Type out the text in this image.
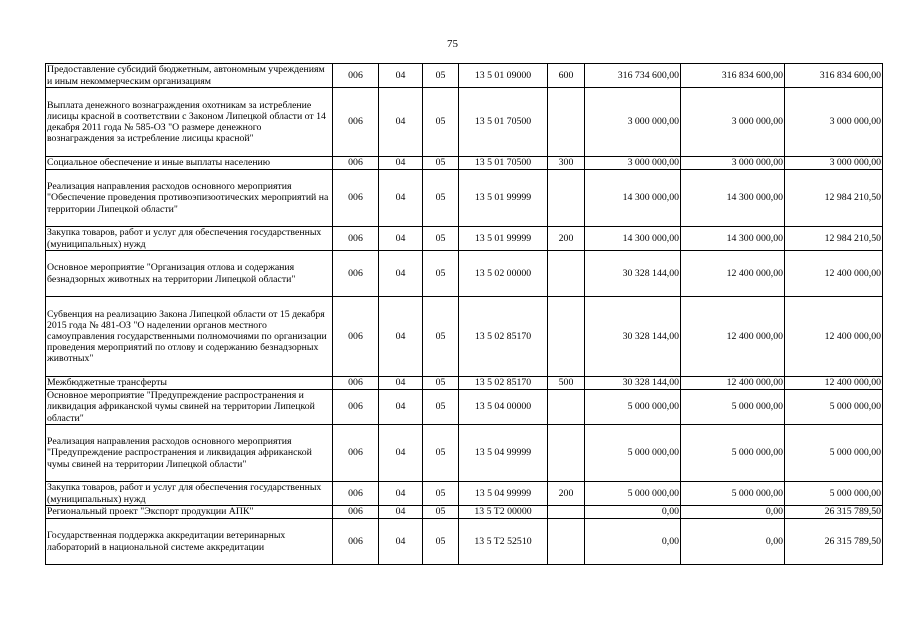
75
Предоставление субсидий бюджетным, автономным учреждениям и иным некоммерческим организациям	006	04	05	13 5 01 09000	600	316 734 600,00	316 834 600,00	316 834 600,00
Выплата денежного вознаграждения охотникам за истребление лисицы красной в соответствии с Законом Липецкой области от 14 декабря 2011 года № 585-ОЗ "О размере денежного вознаграждения за истребление лисицы красной"	006	04	05	13 5 01 70500		3 000 000,00	3 000 000,00	3 000 000,00
Социальное обеспечение и иные выплаты населению	006	04	05	13 5 01 70500	300	3 000 000,00	3 000 000,00	3 000 000,00
Реализация направления расходов основного мероприятия "Обеспечение проведения противоэпизоотических мероприятий на территории Липецкой области"	006	04	05	13 5 01 99999		14 300 000,00	14 300 000,00	12 984 210,50
Закупка товаров, работ и услуг для обеспечения государственных (муниципальных) нужд	006	04	05	13 5 01 99999	200	14 300 000,00	14 300 000,00	12 984 210,50
Основное мероприятие "Организация отлова и содержания безнадзорных животных на территории Липецкой области"	006	04	05	13 5 02 00000		30 328 144,00	12 400 000,00	12 400 000,00
Субвенция на реализацию Закона Липецкой области от 15 декабря 2015 года № 481-ОЗ "О наделении органов местного самоуправления государственными полномочиями по организации проведения мероприятий по отлову и содержанию безнадзорных животных"	006	04	05	13 5 02 85170		30 328 144,00	12 400 000,00	12 400 000,00
Межбюджетные трансферты	006	04	05	13 5 02 85170	500	30 328 144,00	12 400 000,00	12 400 000,00
Основное мероприятие "Предупреждение распространения и ликвидация африканской чумы свиней на территории Липецкой области"	006	04	05	13 5 04 00000		5 000 000,00	5 000 000,00	5 000 000,00
Реализация направления расходов основного мероприятия "Предупреждение распространения и ликвидация африканской чумы свиней на территории Липецкой области"	006	04	05	13 5 04 99999		5 000 000,00	5 000 000,00	5 000 000,00
Закупка товаров, работ и услуг для обеспечения государственных (муниципальных) нужд	006	04	05	13 5 04 99999	200	5 000 000,00	5 000 000,00	5 000 000,00
Региональный проект "Экспорт продукции АПК"	006	04	05	13 5 T2 00000		0,00	0,00	26 315 789,50
Государственная поддержка аккредитации ветеринарных лабораторий в национальной системе аккредитации	006	04	05	13 5 T2 52510		0,00	0,00	26 315 789,50
